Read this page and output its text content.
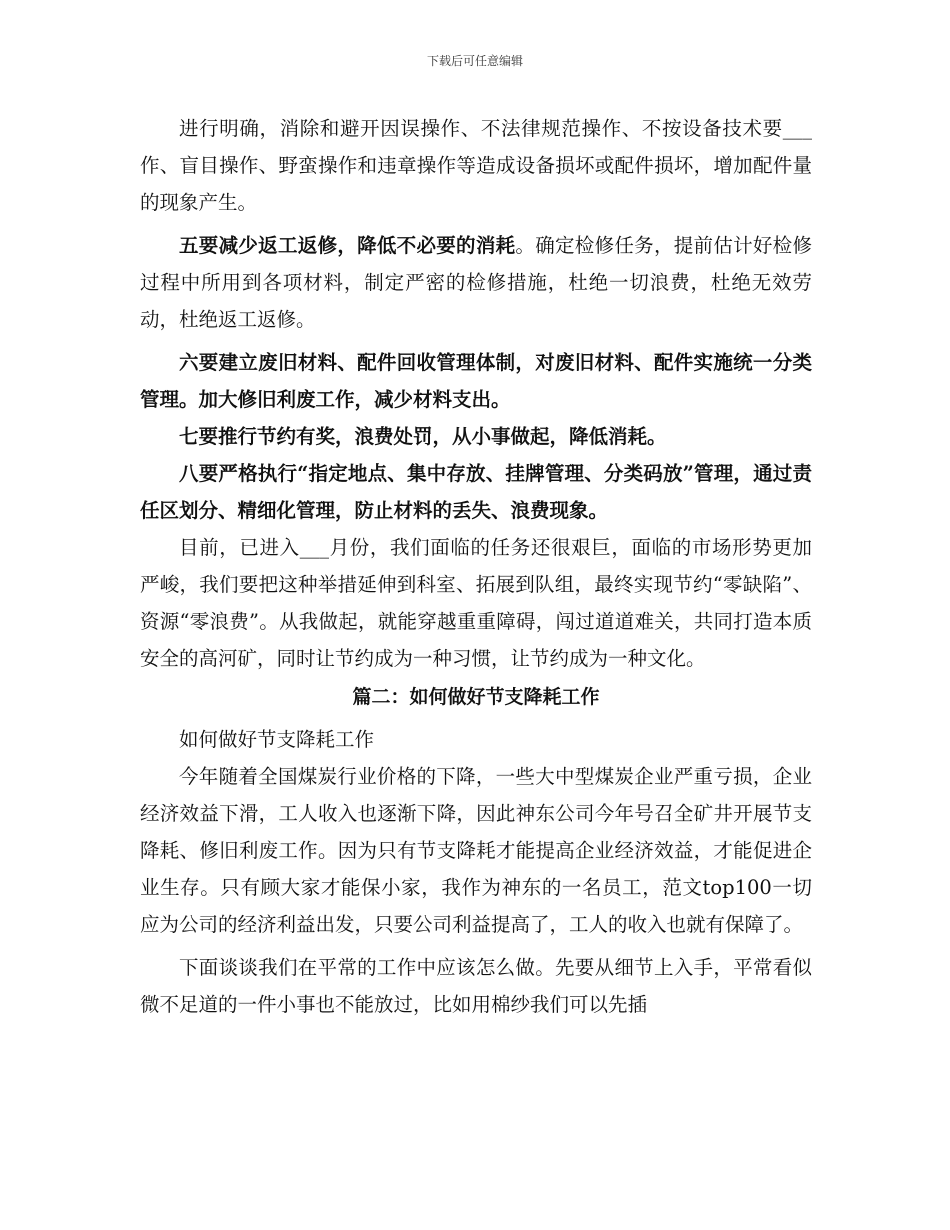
下载后可任意编辑

进行明确，消除和避开因误操作、不法律规范操作、不按设备技术要___作、盲目操作、野蛮操作和违章操作等造成设备损坏或配件损坏，增加配件量的现象产生。

五要减少返工返修，降低不必要的消耗。确定检修任务，提前估计好检修过程中所用到各项材料，制定严密的检修措施，杜绝一切浪费，杜绝无效劳动，杜绝返工返修。

六要建立废旧材料、配件回收管理体制，对废旧材料、配件实施统一分类管理。加大修旧利废工作，减少材料支出。

七要推行节约有奖，浪费处罚，从小事做起，降低消耗。

八要严格执行“指定地点、集中存放、挂牌管理、分类码放”管理，通过责任区划分、精细化管理，防止材料的丢失、浪费现象。

目前，已进入___月份，我们面临的任务还很艰巨，面临的市场形势更加严峻，我们要把这种举措延伸到科室、拓展到队组，最终实现节约“零缺陷”、资源“零浪费”。从我做起，就能穿越重重障碍，闯过道道难关，共同打造本质安全的高河矿，同时让节约成为一种习惯，让节约成为一种文化。

篇二：如何做好节支降耗工作

如何做好节支降耗工作

今年随着全国煤炭行业价格的下降，一些大中型煤炭企业严重亏损，企业经济效益下滑，工人收入也逐渐下降，因此神东公司今年号召全矿井开展节支降耗、修旧利废工作。因为只有节支降耗才能提高企业经济效益，才能促进企业生存。只有顾大家才能保小家，我作为神东的一名员工，范文top100一切应为公司的经济利益出发，只要公司利益提高了，工人的收入也就有保障了。

下面谈谈我们在平常的工作中应该怎么做。先要从细节上入手，平常看似微不足道的一件小事也不能放过，比如用棉纱我们可以先插
